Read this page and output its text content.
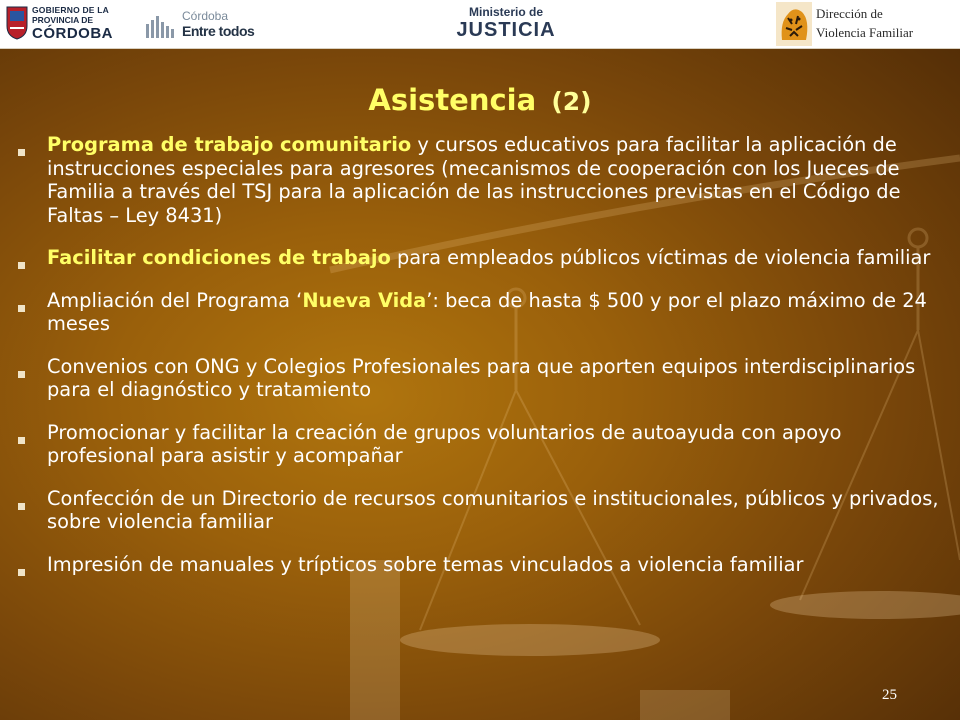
GOBIERNO DE LA
PROVINCIA DE
CÓRDOBA
Córdoba
Entre todos
Ministerio de
JUSTICIA
Dirección de
Violencia Familiar
Asistencia (2)

Programa de trabajo comunitario y cursos educativos para facilitar la aplicación de instrucciones especiales para agresores (mecanismos de cooperación con los Jueces de Familia a través del TSJ para la aplicación de las instrucciones previstas en el Código de Faltas – Ley 8431)

Facilitar condiciones de trabajo para empleados públicos víctimas de violencia familiar

Ampliación del Programa ‘Nueva Vida’: beca de hasta $ 500 y por el plazo máximo de 24 meses

Convenios con ONG y Colegios Profesionales para que aporten equipos interdisciplinarios para el diagnóstico y tratamiento

Promocionar y facilitar la creación de grupos voluntarios de autoayuda con apoyo profesional para asistir y acompañar

Confección de un Directorio de recursos comunitarios e institucionales, públicos y privados, sobre violencia familiar

Impresión de manuales y trípticos sobre temas vinculados a violencia familiar

25
